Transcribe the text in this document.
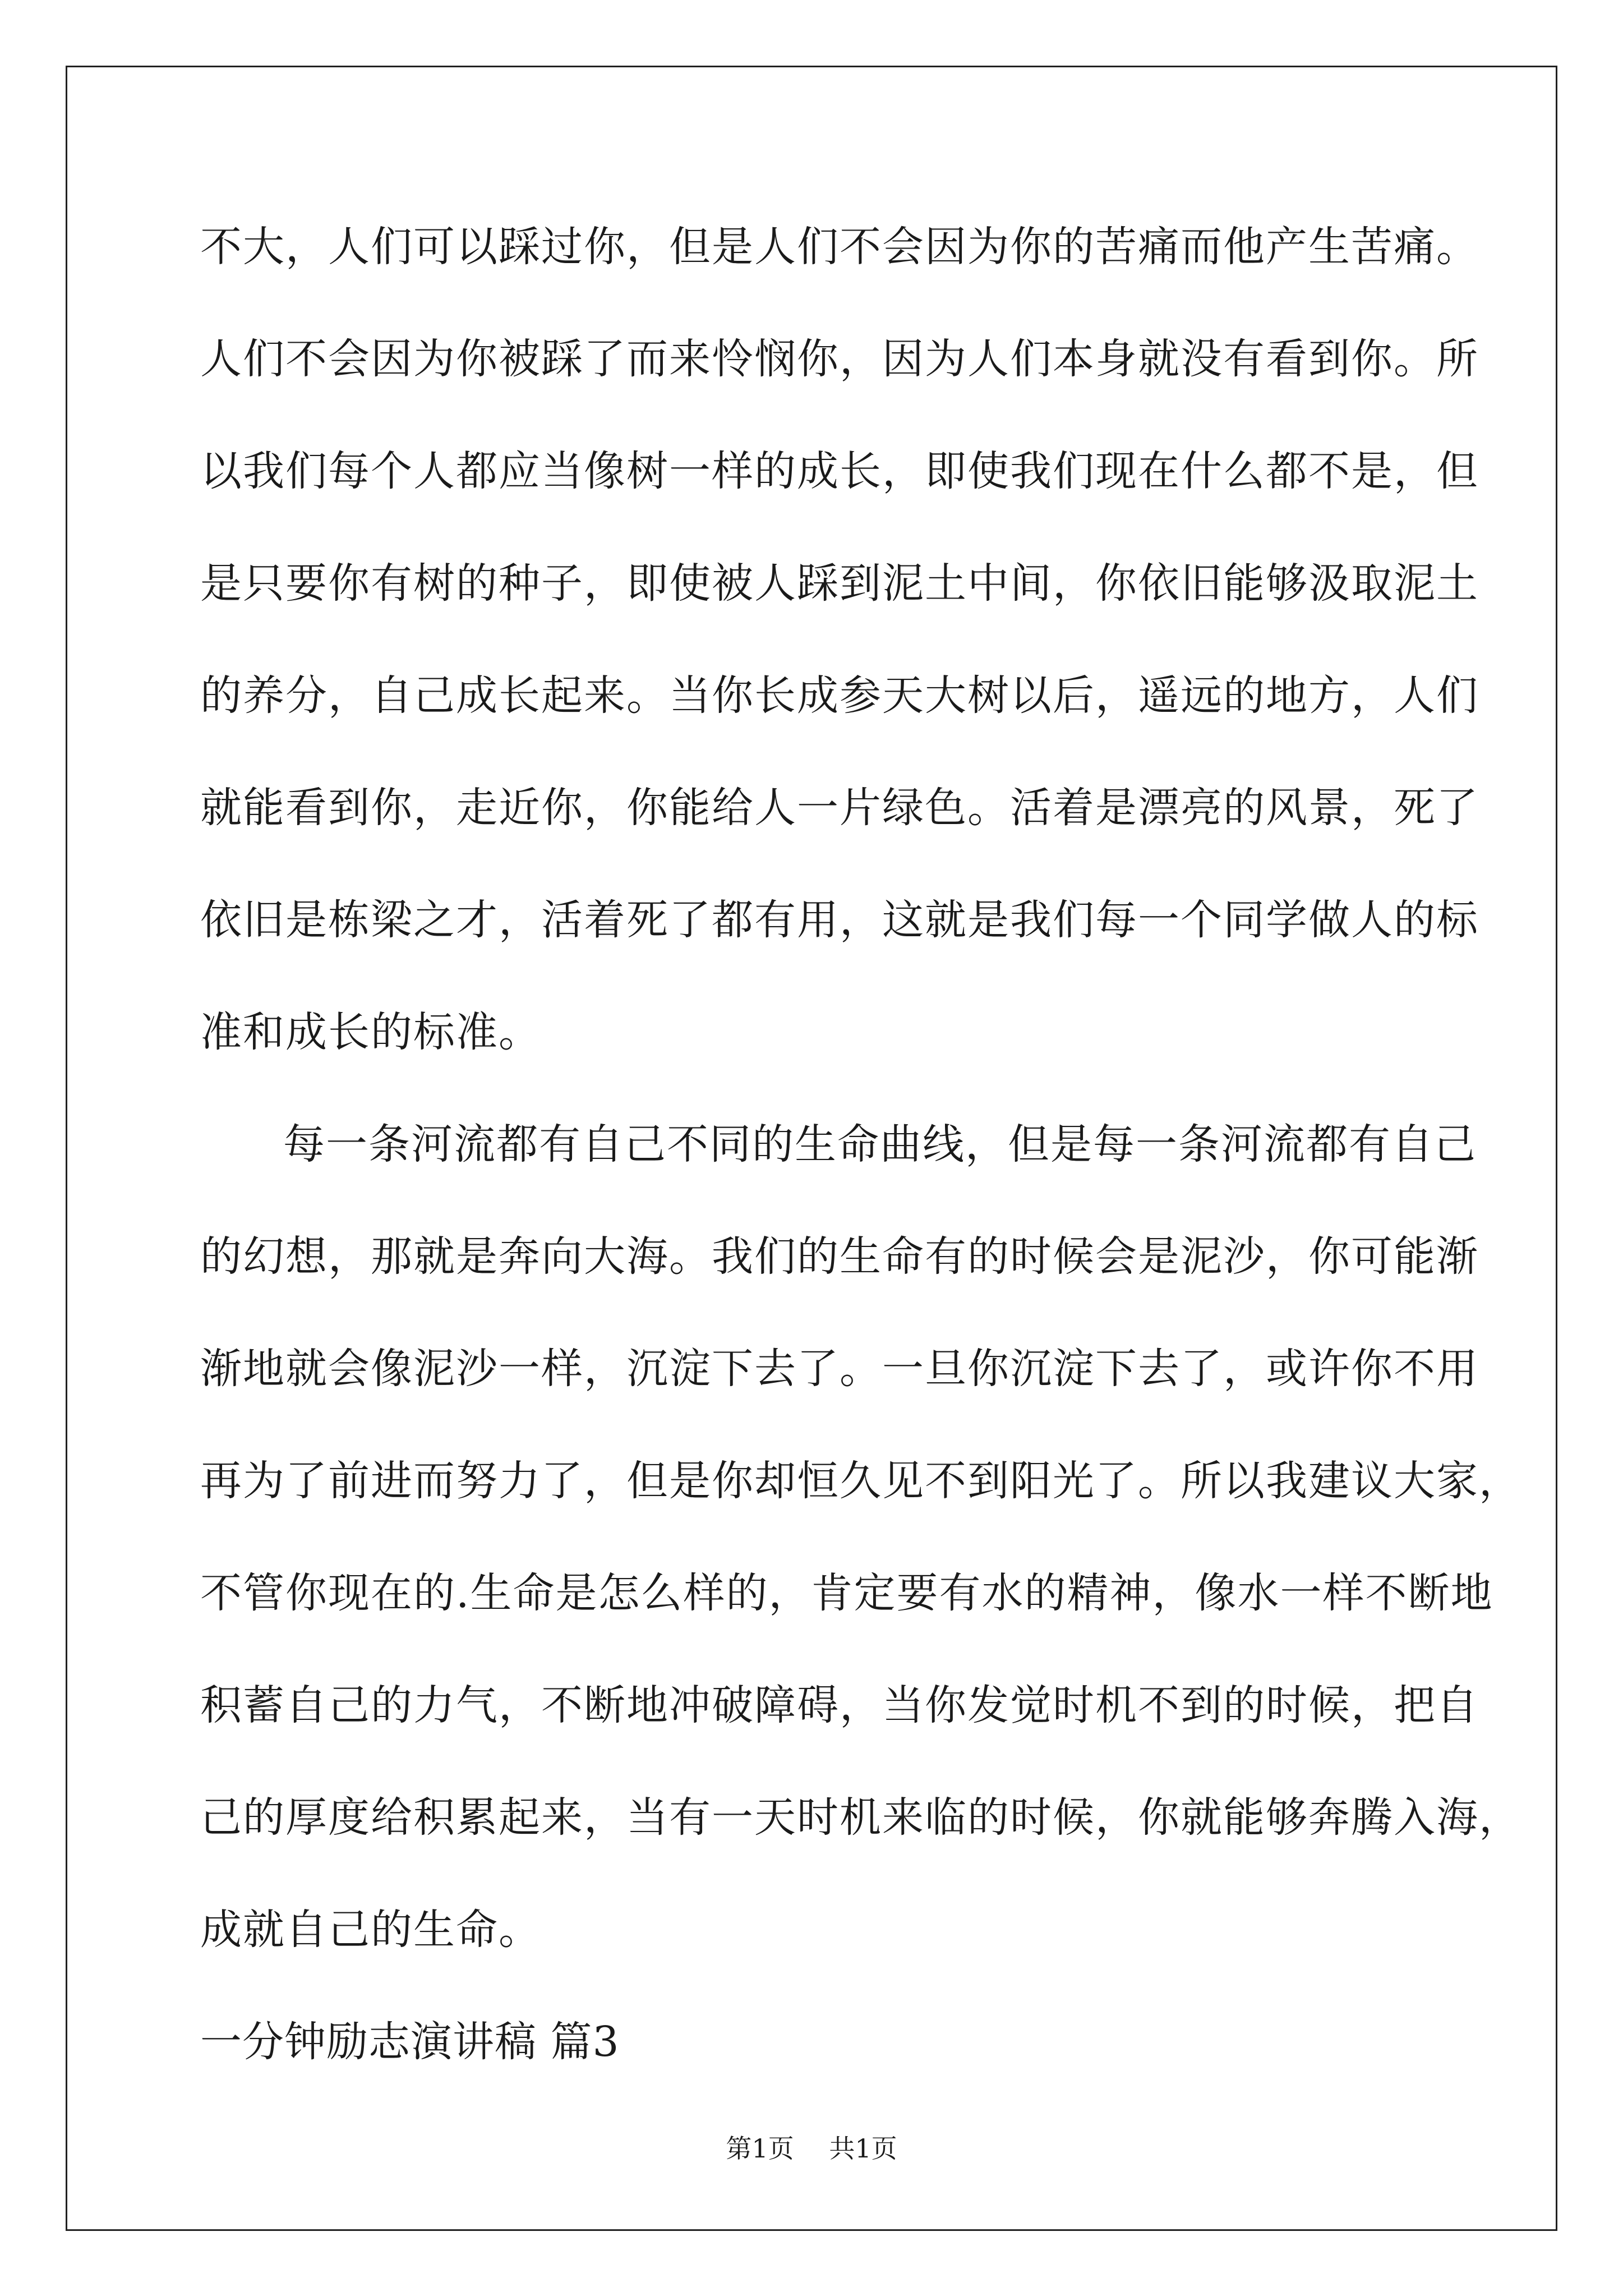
不大，人们可以踩过你，但是人们不会因为你的苦痛而他产生苦痛。
人们不会因为你被踩了而来怜悯你，因为人们本身就没有看到你。所
以我们每个人都应当像树一样的成长，即使我们现在什么都不是，但
是只要你有树的种子，即使被人踩到泥土中间，你依旧能够汲取泥土
的养分，自己成长起来。当你长成参天大树以后，遥远的地方，人们
就能看到你，走近你，你能给人一片绿色。活着是漂亮的风景，死了
依旧是栋梁之才，活着死了都有用，这就是我们每一个同学做人的标
准和成长的标准。
每一条河流都有自己不同的生命曲线，但是每一条河流都有自己
的幻想，那就是奔向大海。我们的生命有的时候会是泥沙，你可能渐
渐地就会像泥沙一样，沉淀下去了。一旦你沉淀下去了，或许你不用
再为了前进而努力了，但是你却恒久见不到阳光了。所以我建议大家，
不管你现在的.生命是怎么样的，肯定要有水的精神，像水一样不断地
积蓄自己的力气，不断地冲破障碍，当你发觉时机不到的时候，把自
己的厚度给积累起来，当有一天时机来临的时候，你就能够奔腾入海，
成就自己的生命。
一分钟励志演讲稿 篇3
第1页 共1页
